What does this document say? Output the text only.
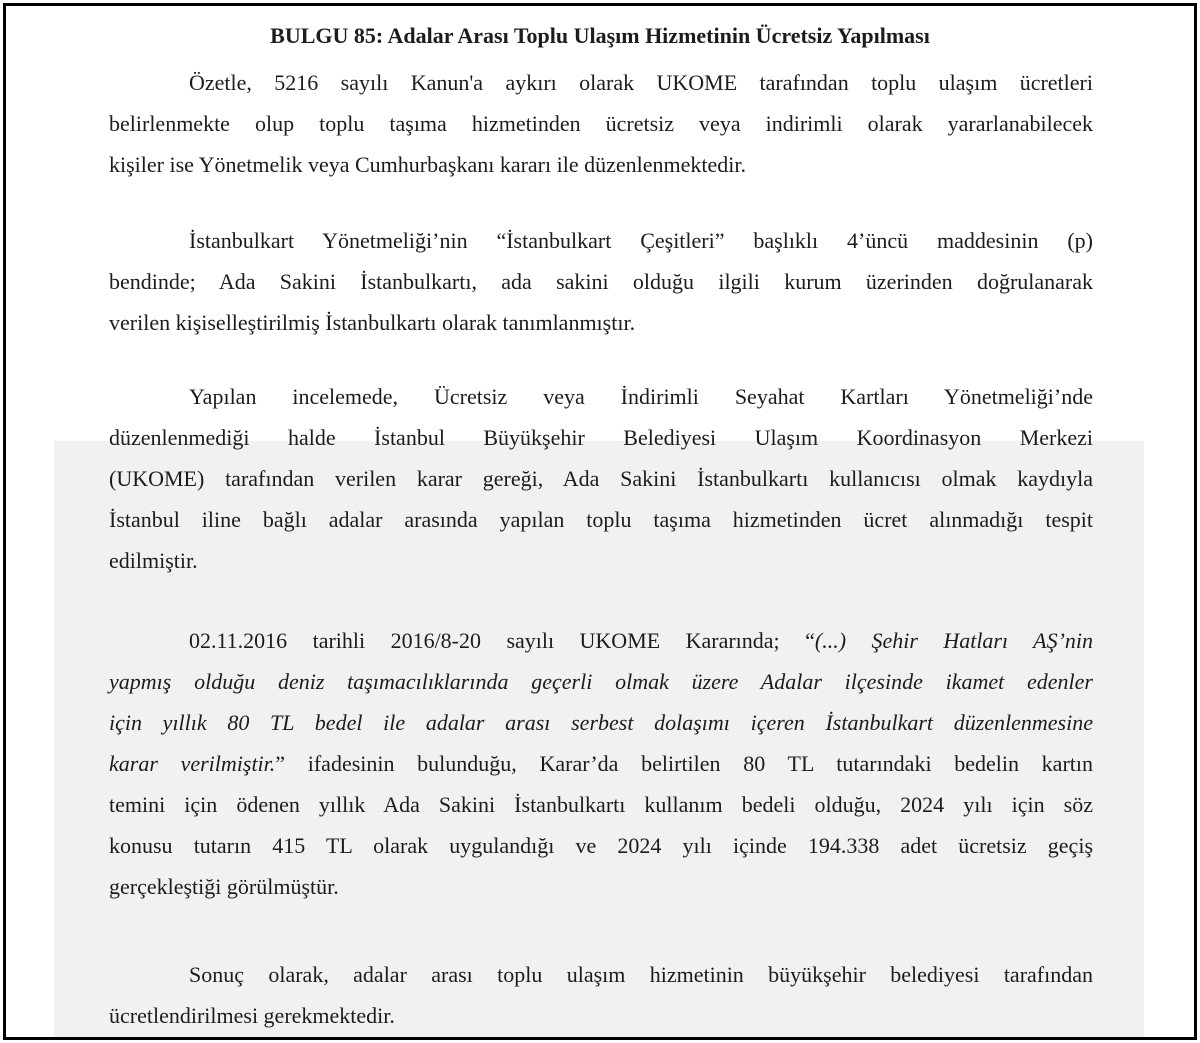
BULGU 85: Adalar Arası Toplu Ulaşım Hizmetinin Ücretsiz Yapılması
Özetle, 5216 sayılı Kanun'a aykırı olarak UKOME tarafından toplu ulaşım ücretleri
belirlenmekte olup toplu taşıma hizmetinden ücretsiz veya indirimli olarak yararlanabilecek
kişiler ise Yönetmelik veya Cumhurbaşkanı kararı ile düzenlenmektedir.
İstanbulkart Yönetmeliği’nin “İstanbulkart Çeşitleri” başlıklı 4’üncü maddesinin (p)
bendinde; Ada Sakini İstanbulkartı, ada sakini olduğu ilgili kurum üzerinden doğrulanarak
verilen kişiselleştirilmiş İstanbulkartı olarak tanımlanmıştır.
Yapılan incelemede, Ücretsiz veya İndirimli Seyahat Kartları Yönetmeliği’nde
düzenlenmediği halde İstanbul Büyükşehir Belediyesi Ulaşım Koordinasyon Merkezi
(UKOME) tarafından verilen karar gereği, Ada Sakini İstanbulkartı kullanıcısı olmak kaydıyla
İstanbul iline bağlı adalar arasında yapılan toplu taşıma hizmetinden ücret alınmadığı tespit
edilmiştir.
02.11.2016 tarihli 2016/8-20 sayılı UKOME Kararında; “(...) Şehir Hatları AŞ’nin
yapmış olduğu deniz taşımacılıklarında geçerli olmak üzere Adalar ilçesinde ikamet edenler
için yıllık 80 TL bedel ile adalar arası serbest dolaşımı içeren İstanbulkart düzenlenmesine
karar verilmiştir.” ifadesinin bulunduğu, Karar’da belirtilen 80 TL tutarındaki bedelin kartın
temini için ödenen yıllık Ada Sakini İstanbulkartı kullanım bedeli olduğu, 2024 yılı için söz
konusu tutarın 415 TL olarak uygulandığı ve 2024 yılı içinde 194.338 adet ücretsiz geçiş
gerçekleştiği görülmüştür.
Sonuç olarak, adalar arası toplu ulaşım hizmetinin büyükşehir belediyesi tarafından
ücretlendirilmesi gerekmektedir.
